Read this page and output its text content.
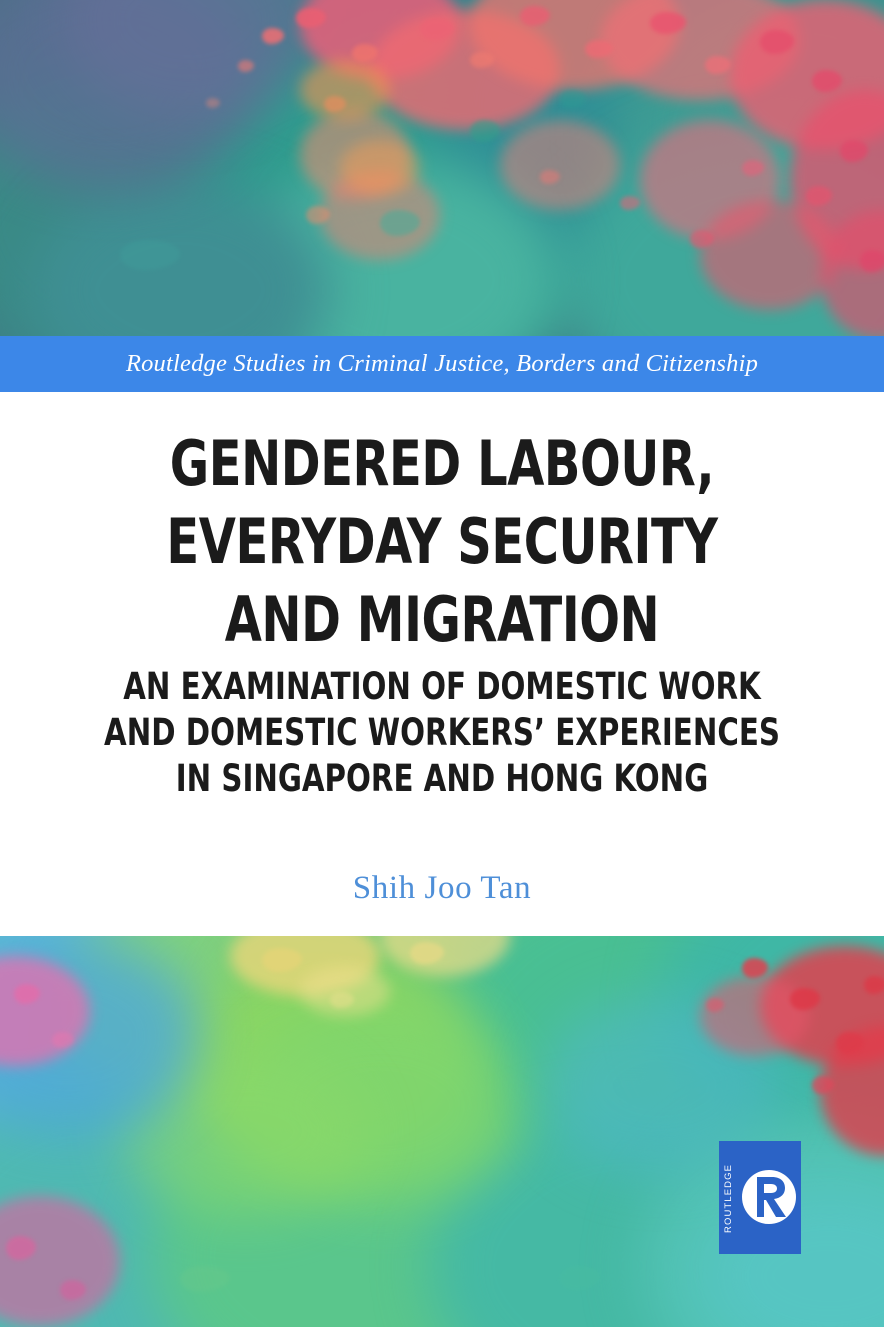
Routledge Studies in Criminal Justice, Borders and Citizenship
GENDERED LABOUR,
EVERYDAY SECURITY
AND MIGRATION
AN EXAMINATION OF DOMESTIC WORK
AND DOMESTIC WORKERS’ EXPERIENCES
IN SINGAPORE AND HONG KONG
Shih Joo Tan
ROUTLEDGE
